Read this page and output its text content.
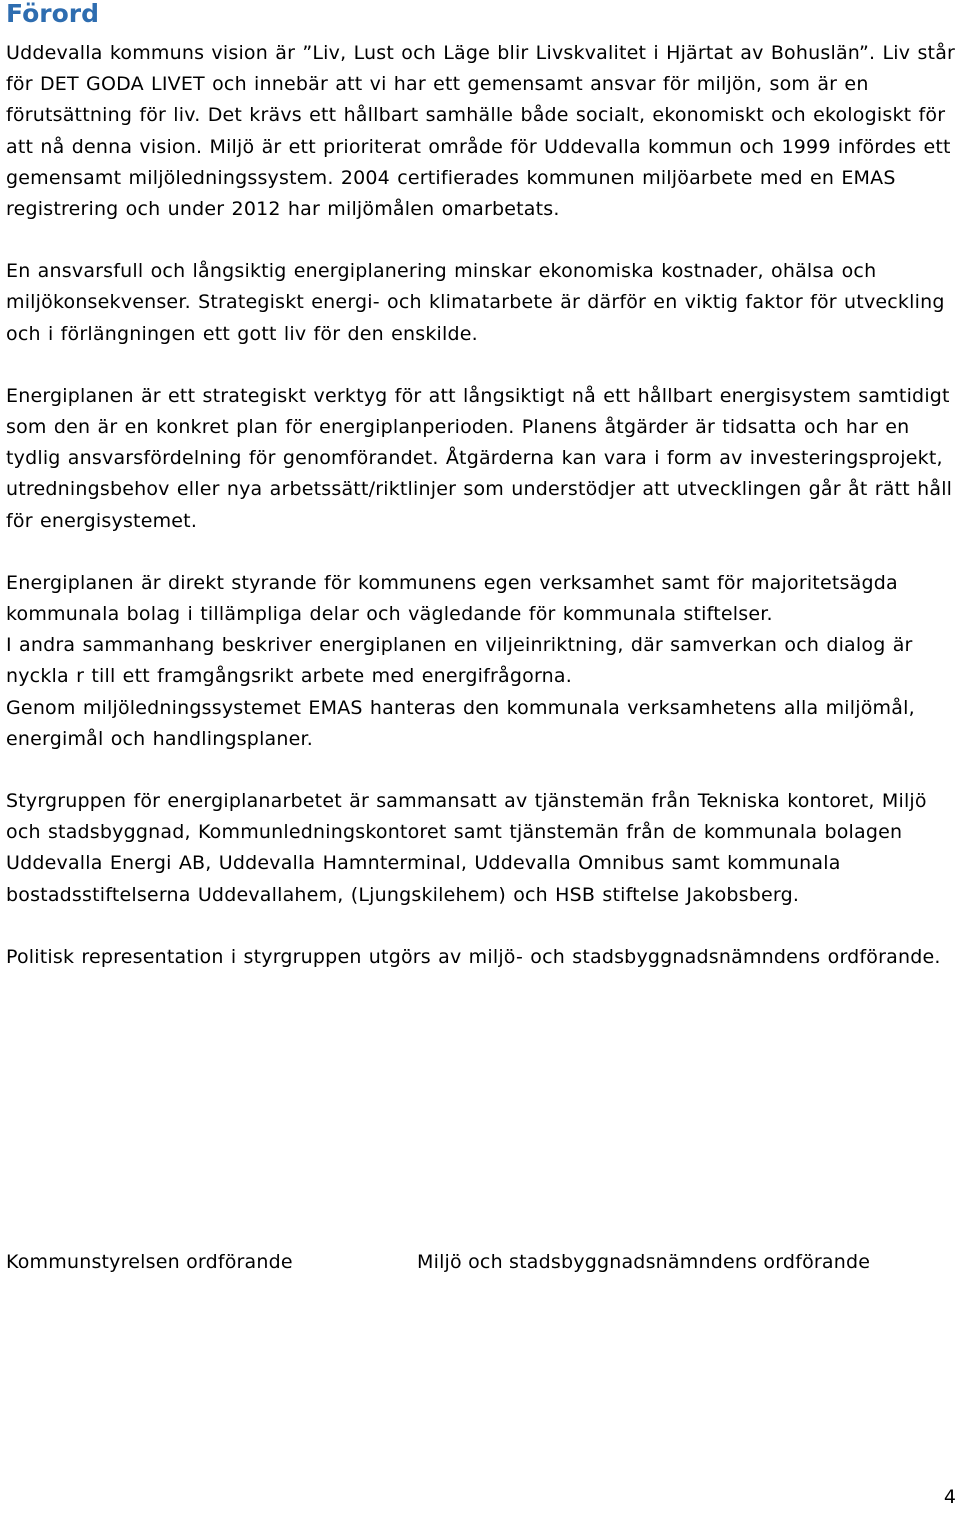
Förord

Uddevalla kommuns vision är ”Liv, Lust och Läge blir Livskvalitet i Hjärtat av Bohuslän”. Liv står för DET GODA LIVET och innebär att vi har ett gemensamt ansvar för miljön, som är en förutsättning för liv. Det krävs ett hållbart samhälle både socialt, ekonomiskt och ekologiskt för att nå denna vision. Miljö är ett prioriterat område för Uddevalla kommun och 1999 infördes ett gemensamt miljöledningssystem. 2004 certifierades kommunen miljöarbete med en EMAS registrering och under 2012 har miljömålen omarbetats.

En ansvarsfull och långsiktig energiplanering minskar ekonomiska kostnader, ohälsa och miljökonsekvenser. Strategiskt energi- och klimatarbete är därför en viktig faktor för utveckling och i förlängningen ett gott liv för den enskilde.

Energiplanen är ett strategiskt verktyg för att långsiktigt nå ett hållbart energisystem samtidigt som den är en konkret plan för energiplanperioden. Planens åtgärder är tidsatta och har en tydlig ansvarsfördelning för genomförandet. Åtgärderna kan vara i form av investeringsprojekt, utredningsbehov eller nya arbetssätt/riktlinjer som understödjer att utvecklingen går åt rätt håll för energisystemet.

Energiplanen är direkt styrande för kommunens egen verksamhet samt för majoritetsägda kommunala bolag i tillämpliga delar och vägledande för kommunala stiftelser.

I andra sammanhang beskriver energiplanen en viljeinriktning, där samverkan och dialog är nyckla r till ett framgångsrikt arbete med energifrågorna.

Genom miljöledningssystemet EMAS hanteras den kommunala verksamhetens alla miljömål, energimål och handlingsplaner.

Styrgruppen för energiplanarbetet är sammansatt av tjänstemän från Tekniska kontoret, Miljö och stadsbyggnad, Kommunledningskontoret samt tjänstemän från de kommunala bolagen Uddevalla Energi AB, Uddevalla Hamnterminal, Uddevalla Omnibus samt kommunala bostadsstiftelserna Uddevallahem, (Ljungskilehem) och HSB stiftelse Jakobsberg.

Politisk representation i styrgruppen utgörs av miljö- och stadsbyggnadsnämndens ordförande.

Kommunstyrelsen ordförande	Miljö och stadsbyggnadsnämndens ordförande
4
